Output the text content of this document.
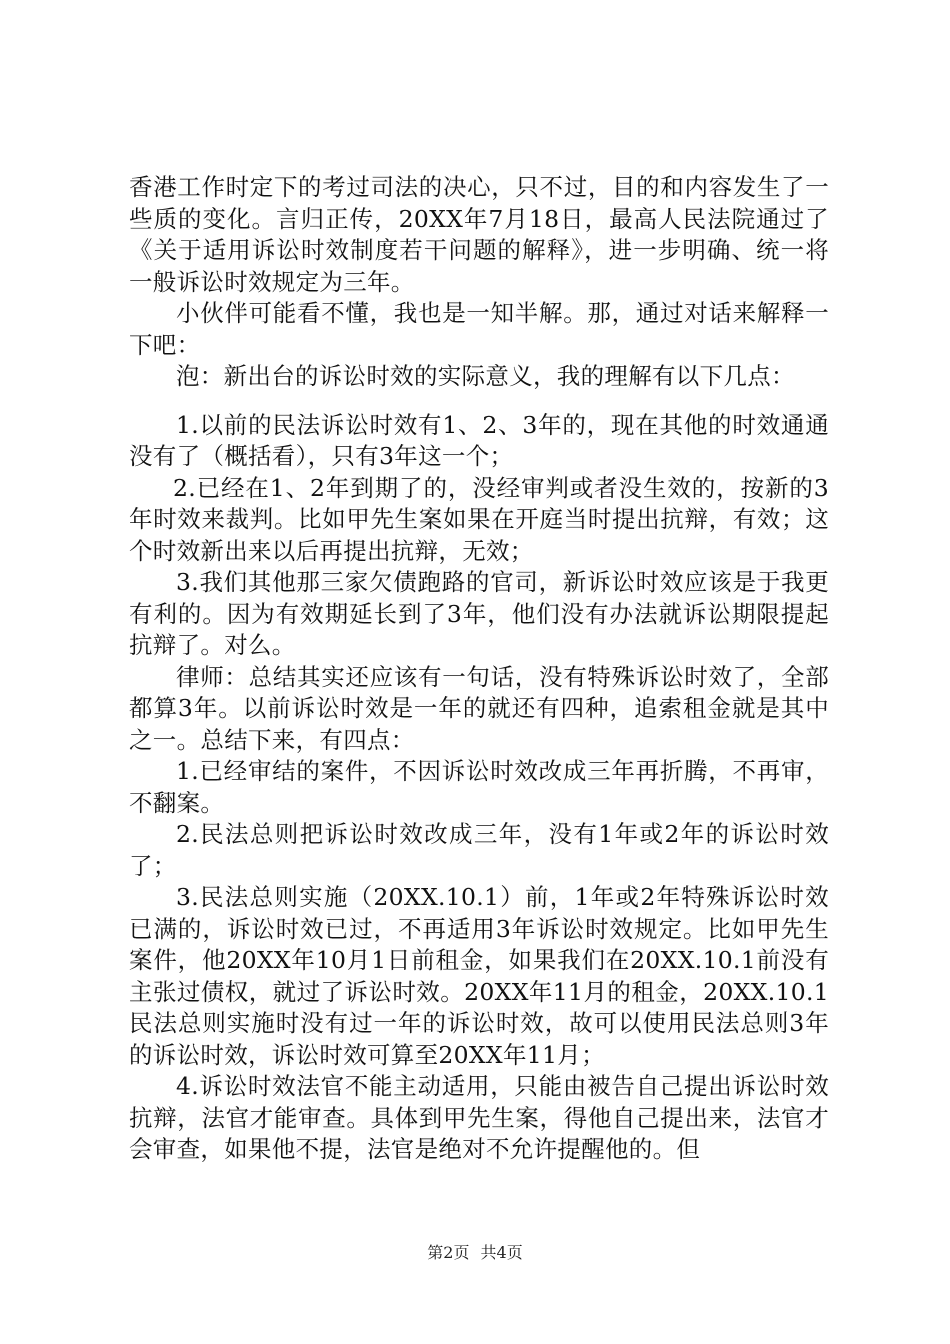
香港工作时定下的考过司法的决心，只不过，目的和内容发生了一些质的变化。言归正传，20XX年7月18日，最高人民法院通过了《关于适用诉讼时效制度若干问题的解释》，进一步明确、统一将一般诉讼时效规定为三年。

小伙伴可能看不懂，我也是一知半解。那，通过对话来解释一下吧：

泡：新出台的诉讼时效的实际意义，我的理解有以下几点：

1.以前的民法诉讼时效有1、2、3年的，现在其他的时效通通没有了（概括看），只有3年这一个；

2.已经在1、2年到期了的，没经审判或者没生效的，按新的3年时效来裁判。比如甲先生案如果在开庭当时提出抗辩，有效；这个时效新出来以后再提出抗辩，无效；

3.我们其他那三家欠债跑路的官司，新诉讼时效应该是于我更有利的。因为有效期延长到了3年，他们没有办法就诉讼期限提起抗辩了。对么。

律师：总结其实还应该有一句话，没有特殊诉讼时效了，全部都算3年。以前诉讼时效是一年的就还有四种，追索租金就是其中之一。总结下来，有四点：

1.已经审结的案件，不因诉讼时效改成三年再折腾，不再审，不翻案。

2.民法总则把诉讼时效改成三年，没有1年或2年的诉讼时效了；

3.民法总则实施（20XX.10.1）前，1年或2年特殊诉讼时效已满的，诉讼时效已过，不再适用3年诉讼时效规定。比如甲先生案件，他20XX年10月1日前租金，如果我们在20XX.10.1前没有主张过债权，就过了诉讼时效。20XX年11月的租金，20XX.10.1民法总则实施时没有过一年的诉讼时效，故可以使用民法总则3年的诉讼时效，诉讼时效可算至20XX年11月；

4.诉讼时效法官不能主动适用，只能由被告自己提出诉讼时效抗辩，法官才能审查。具体到甲先生案，得他自己提出来，法官才会审查，如果他不提，法官是绝对不允许提醒他的。但

第2页 共4页
